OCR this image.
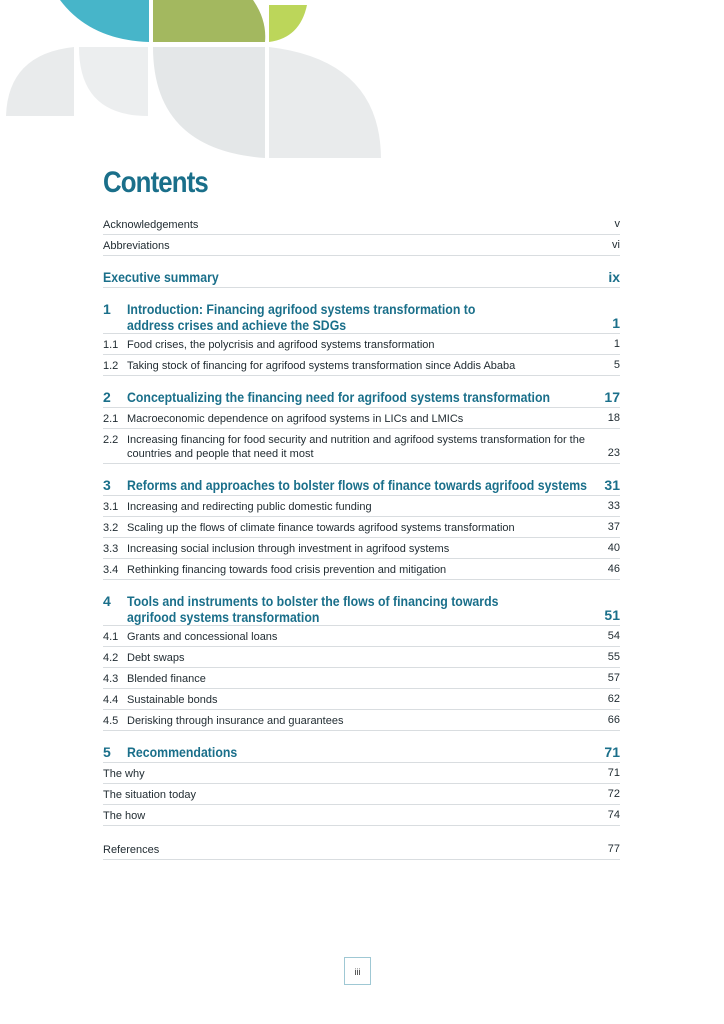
Contents
Acknowledgements	v
Abbreviations	vi
Executive summary	ix
1 Introduction: Financing agrifood systems transformation to address crises and achieve the SDGs	1
1.1 Food crises, the polycrisis and agrifood systems transformation	1
1.2 Taking stock of financing for agrifood systems transformation since Addis Ababa	5
2 Conceptualizing the financing need for agrifood systems transformation	17
2.1 Macroeconomic dependence on agrifood systems in LICs and LMICs	18
2.2 Increasing financing for food security and nutrition and agrifood systems transformation for the countries and people that need it most	23
3 Reforms and approaches to bolster flows of finance towards agrifood systems 31
3.1 Increasing and redirecting public domestic funding	33
3.2 Scaling up the flows of climate finance towards agrifood systems transformation	37
3.3 Increasing social inclusion through investment in agrifood systems	40
3.4 Rethinking financing towards food crisis prevention and mitigation	46
4 Tools and instruments to bolster the flows of financing towards agrifood systems transformation	51
4.1 Grants and concessional loans	54
4.2 Debt swaps	55
4.3 Blended finance	57
4.4 Sustainable bonds	62
4.5 Derisking through insurance and guarantees	66
5 Recommendations	71
The why	71
The situation today	72
The how	74
References	77
iii
